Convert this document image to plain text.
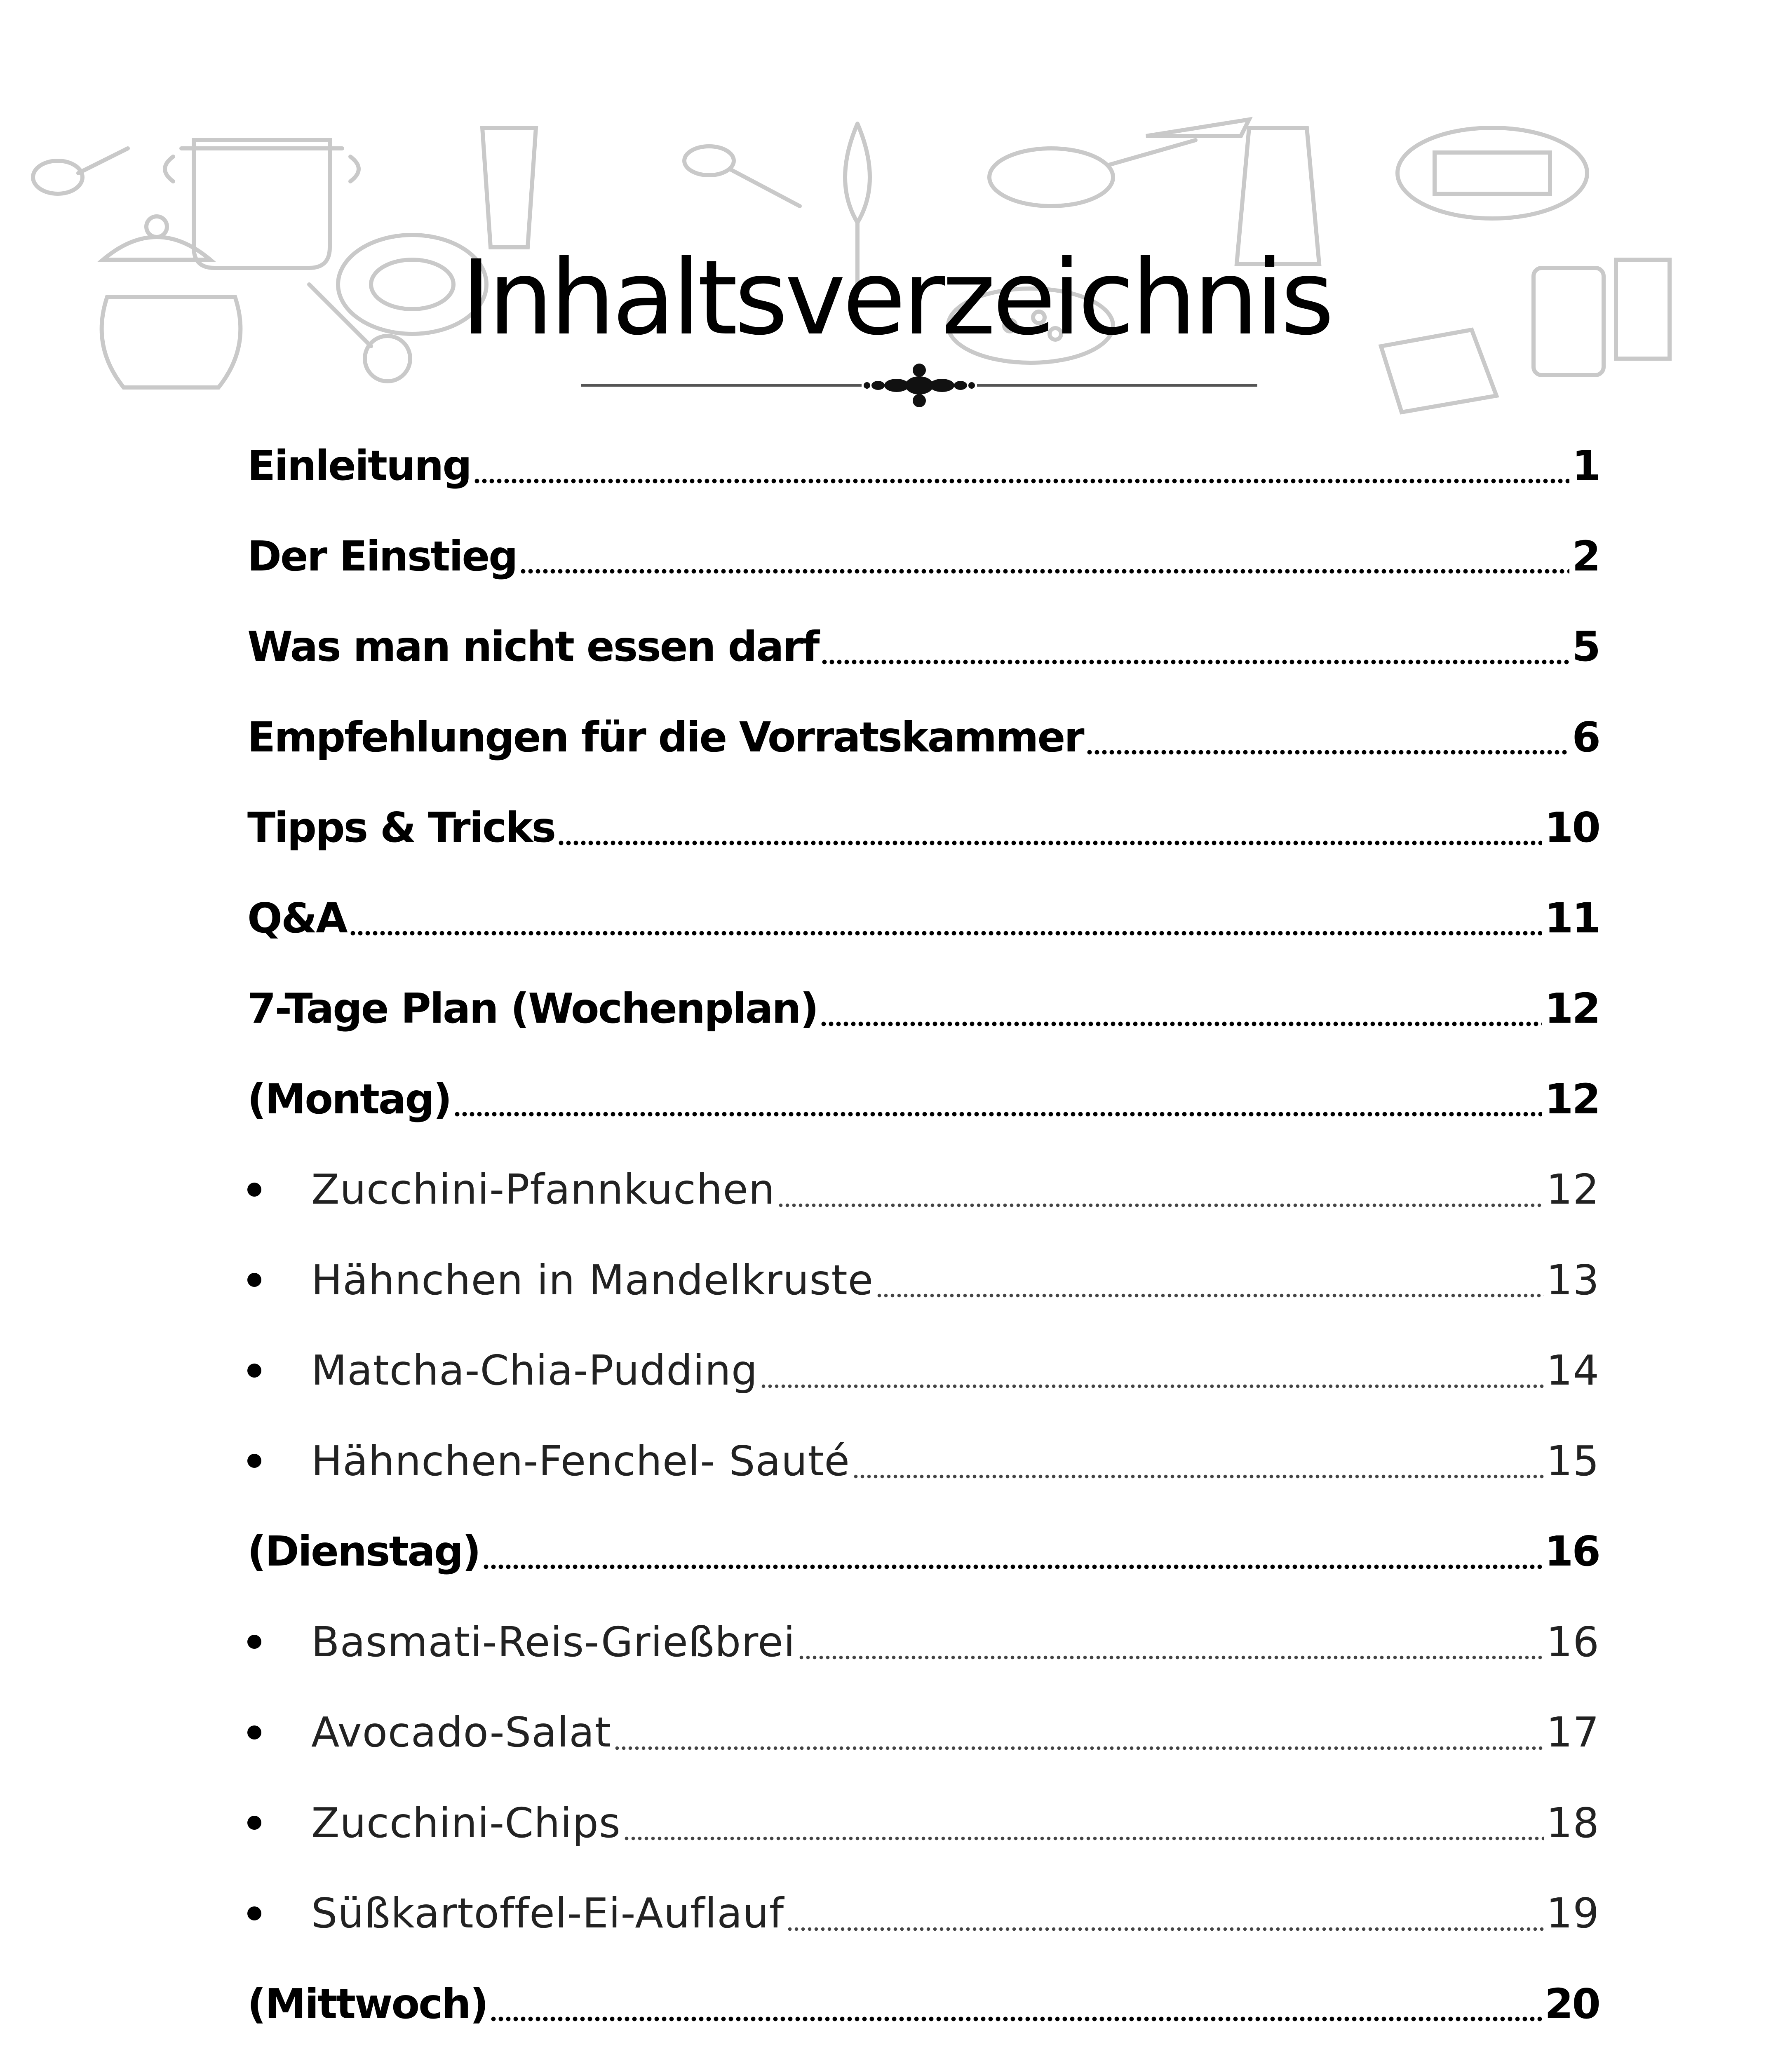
Inhaltsverzeichnis
Einleitung	1
Der Einstieg	2
Was man nicht essen darf	5
Empfehlungen für die Vorratskammer	6
Tipps & Tricks	10
Q&A	11
7-Tage Plan (Wochenplan)	12
(Montag)	12
Zucchini-Pfannkuchen	12
Hähnchen in Mandelkruste	13
Matcha-Chia-Pudding	14
Hähnchen-Fenchel- Sauté	15
(Dienstag)	16
Basmati-Reis-Grießbrei	16
Avocado-Salat	17
Zucchini-Chips	18
Süßkartoffel-Ei-Auflauf	19
(Mittwoch)	20
